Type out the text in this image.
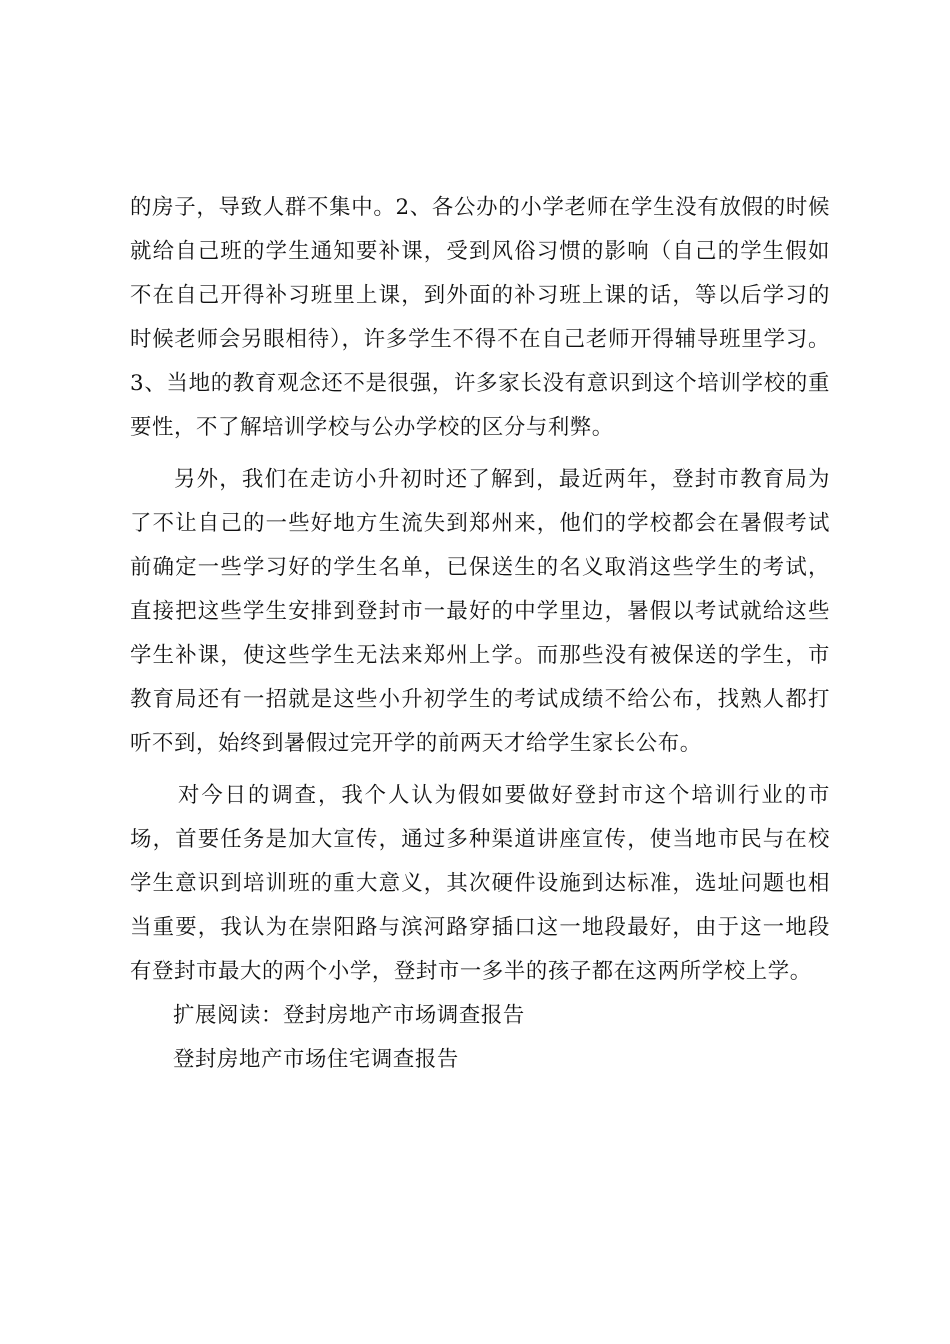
的房子，导致人群不集中。2、各公办的小学老师在学生没有放假的时候就给自己班的学生通知要补课，受到风俗习惯的影响（自己的学生假如不在自己开得补习班里上课，到外面的补习班上课的话，等以后学习的时候老师会另眼相待），许多学生不得不在自己老师开得辅导班里学习。3、当地的教育观念还不是很强，许多家长没有意识到这个培训学校的重要性，不了解培训学校与公办学校的区分与利弊。

另外，我们在走访小升初时还了解到，最近两年，登封市教育局为了不让自己的一些好地方生流失到郑州来，他们的学校都会在暑假考试前确定一些学习好的学生名单，已保送生的名义取消这些学生的考试，直接把这些学生安排到登封市一最好的中学里边，暑假以考试就给这些学生补课，使这些学生无法来郑州上学。而那些没有被保送的学生，市教育局还有一招就是这些小升初学生的考试成绩不给公布，找熟人都打听不到，始终到暑假过完开学的前两天才给学生家长公布。

对今日的调查，我个人认为假如要做好登封市这个培训行业的市场，首要任务是加大宣传，通过多种渠道讲座宣传，使当地市民与在校学生意识到培训班的重大意义，其次硬件设施到达标准，选址问题也相当重要，我认为在崇阳路与滨河路穿插口这一地段最好，由于这一地段有登封市最大的两个小学，登封市一多半的孩子都在这两所学校上学。

扩展阅读：登封房地产市场调查报告

登封房地产市场住宅调查报告
